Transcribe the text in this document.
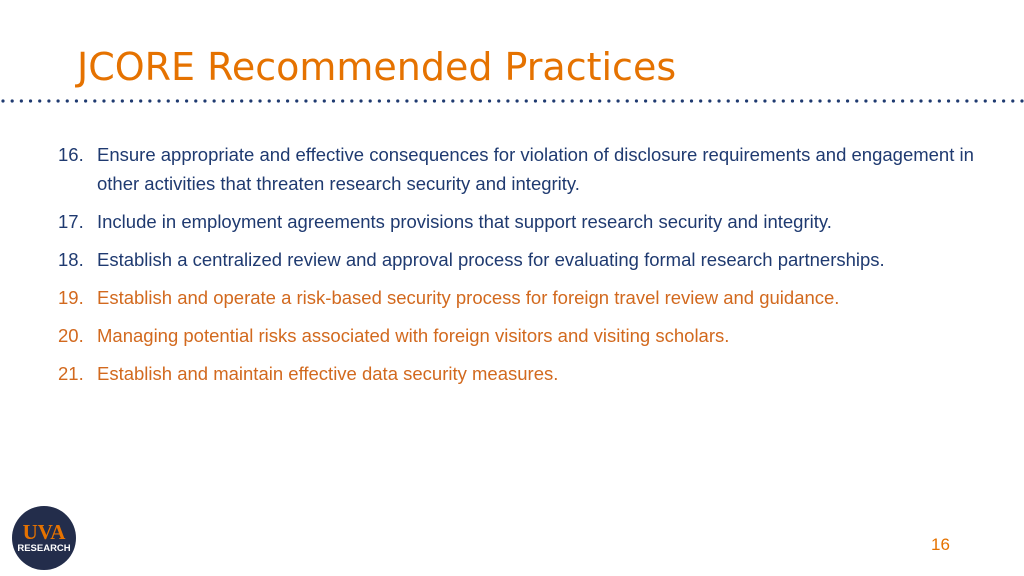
JCORE Recommended Practices
16. Ensure appropriate and effective consequences for violation of disclosure requirements and engagement in other activities that threaten research security and integrity.
17. Include in employment agreements provisions that support research security and integrity.
18. Establish a centralized review and approval process for evaluating formal research partnerships.
19. Establish and operate a risk-based security process for foreign travel review and guidance.
20. Managing potential risks associated with foreign visitors and visiting scholars.
21. Establish and maintain effective data security measures.
UVA
RESEARCH	16
